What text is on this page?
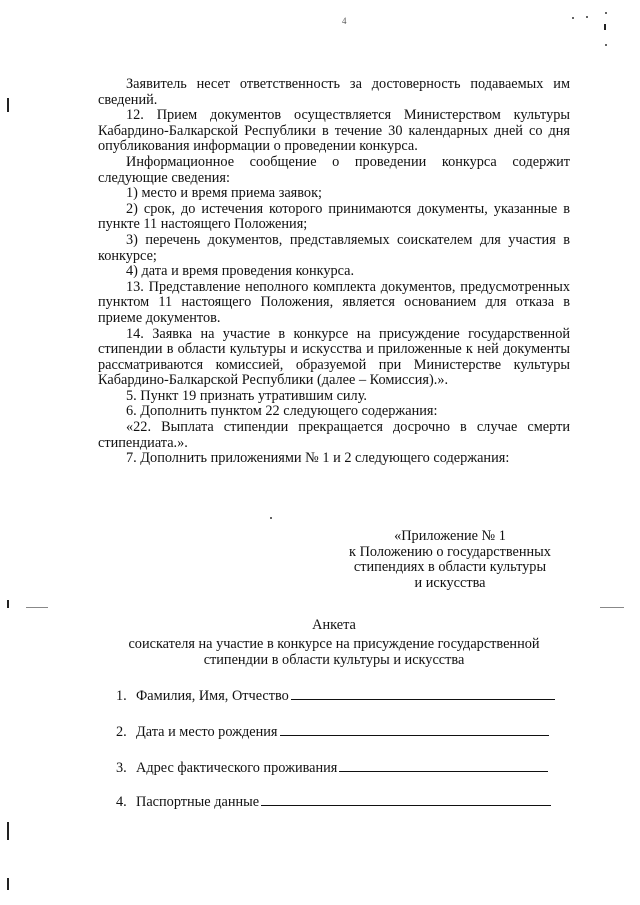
4

Заявитель несет ответственность за достоверность подаваемых им сведений.

12. Прием документов осуществляется Министерством культуры Кабардино-Балкарской Республики в течение 30 календарных дней со дня опубликования информации о проведении конкурса.

Информационное сообщение о проведении конкурса содержит следующие сведения:

1) место и время приема заявок;

2) срок, до истечения которого принимаются документы, указанные в пункте 11 настоящего Положения;

3) перечень документов, представляемых соискателем для участия в конкурсе;

4) дата и время проведения конкурса.

13. Представление неполного комплекта документов, предусмотренных пунктом 11 настоящего Положения, является основанием для отказа в приеме документов.

14. Заявка на участие в конкурсе на присуждение государственной стипендии в области культуры и искусства и приложенные к ней документы рассматриваются комиссией, образуемой при Министерстве культуры Кабардино-Балкарской Республики (далее – Комиссия).».

5. Пункт 19 признать утратившим силу.

6. Дополнить пунктом 22 следующего содержания:

«22. Выплата стипендии прекращается досрочно в случае смерти стипендиата.».

7. Дополнить приложениями № 1 и 2 следующего содержания:

«Приложение № 1

к Положению о государственных

стипендиях в области культуры

и искусства

Анкета

соискателя на участие в конкурсе на присуждение государственной

стипендии в области культуры и искусства

1. Фамилия, Имя, Отчество
2. Дата и место рождения
3. Адрес фактического проживания
4. Паспортные данные
